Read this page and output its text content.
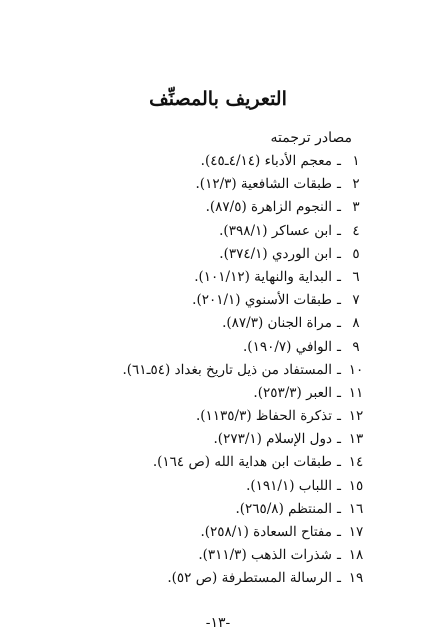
التعريف بالمصنِّف
مصادر ترجمته
١
ـ
معجم الأدباء (٤/١٤ـ٤٥).
٢
ـ
طبقات الشافعية (١٢/٣).
٣
ـ
النجوم الزاهرة (٨٧/٥).
٤
ـ
ابن عساكر (٣٩٨/١).
٥
ـ
ابن الوردي (٣٧٤/١).
٦
ـ
البداية والنهاية (١٠١/١٢).
٧
ـ
طبقات الأسنوي (٢٠١/١).
٨
ـ
مراة الجنان (٨٧/٣).
٩
ـ
الوافي (١٩٠/٧).
١٠
ـ
المستفاد من ذيل تاريخ بغداد (٥٤ـ٦١).
١١
ـ
العبر (٢٥٣/٣).
١٢
ـ
تذكرة الحفاظ (١١٣٥/٣).
١٣
ـ
دول الإسلام (٢٧٣/١).
١٤
ـ
طبقات ابن هداية الله (ص ١٦٤).
١٥
ـ
اللباب (١٩١/١).
١٦
ـ
المنتظم (٢٦٥/٨).
١٧
ـ
مفتاح السعادة (٢٥٨/١).
١٨
ـ
شذرات الذهب (٣١١/٣).
١٩
ـ
الرسالة المستطرفة (ص ٥٢).
-١٣-
